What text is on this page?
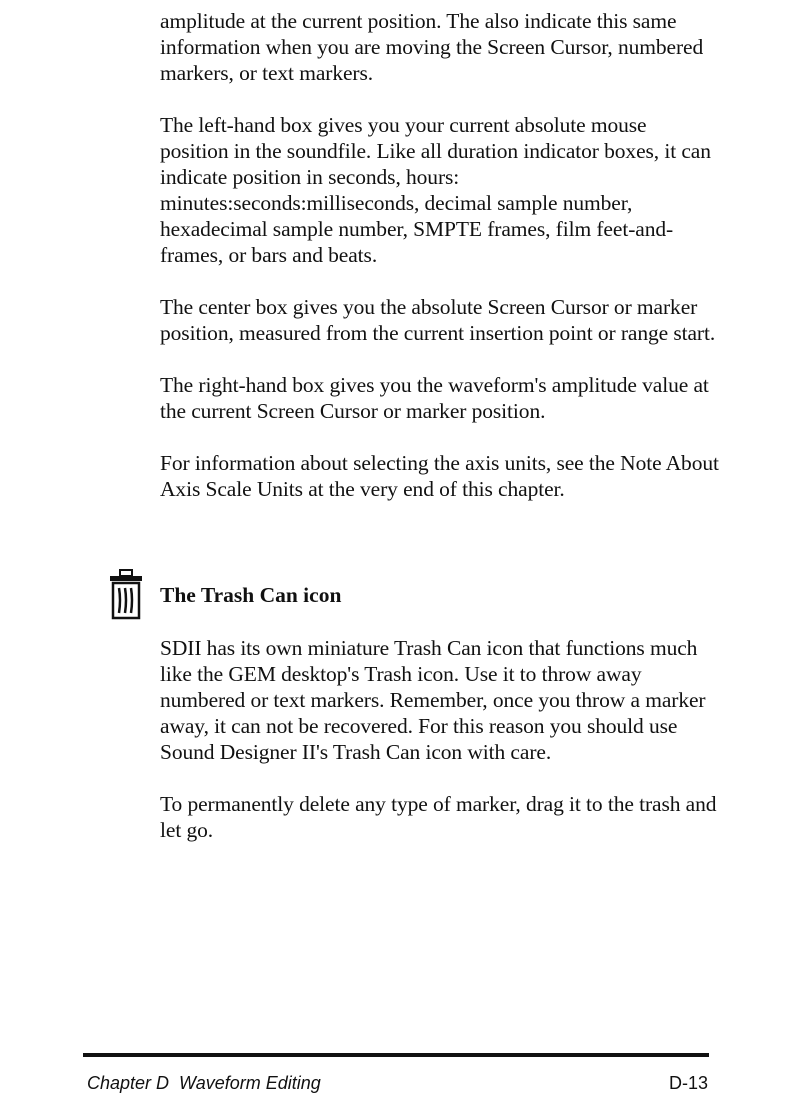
amplitude at the current position. The also indicate this same information when you are moving the Screen Cursor, numbered markers, or text markers.

The left-hand box gives you your current absolute mouse position in the soundfile. Like all duration indicator boxes, it can indicate position in seconds, hours: minutes:seconds:milliseconds, decimal sample number, hexadecimal sample number, SMPTE frames, film feet-and-frames, or bars and beats.

The center box gives you the absolute Screen Cursor or marker position, measured from the current insertion point or range start.

The right-hand box gives you the waveform's amplitude value at the current Screen Cursor or marker position.

For information about selecting the axis units, see the Note About Axis Scale Units at the very end of this chapter.

The Trash Can icon

SDII has its own miniature Trash Can icon that functions much like the GEM desktop's Trash icon. Use it to throw away numbered or text markers. Remember, once you throw a marker away, it can not be recovered. For this reason you should use Sound Designer II's Trash Can icon with care.

To permanently delete any type of marker, drag it to the trash and let go.

Chapter D  Waveform Editing	D-13
